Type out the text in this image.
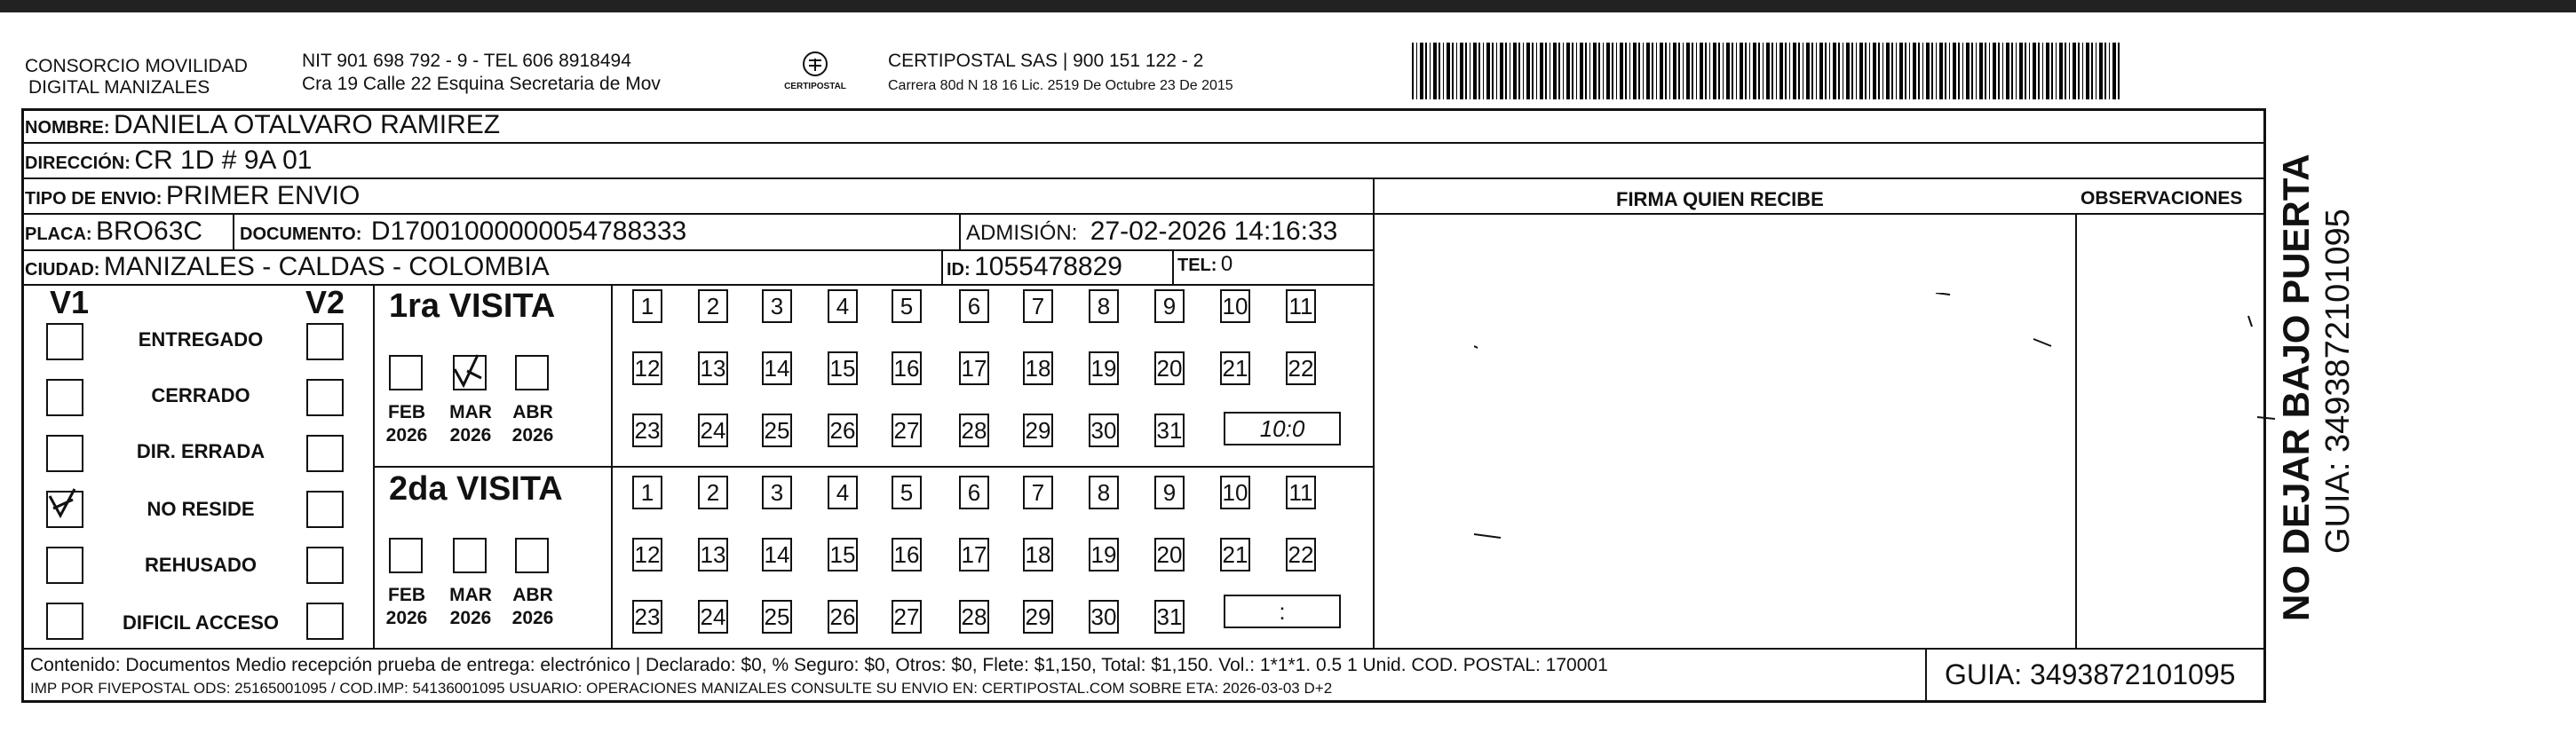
CONSORCIO MOVILIDAD
DIGITAL MANIZALES
NIT 901 698 792 - 9 - TEL 606 8918494
Cra 19 Calle 22 Esquina Secretaria de Mov	CERTIPOSTAL
CERTIPOSTAL SAS | 900 151 122 - 2
Carrera 80d N 18 16 Lic. 2519 De Octubre 23 De 2015
FIRMA QUIEN RECIBE	OBSERVACIONES
NOMBRE: DANIELA OTALVARO RAMIREZ
DIRECCIÓN: CR 1D # 9A 01
TIPO DE ENVIO: PRIMER ENVIO
PLACA: BRO63C DOCUMENTO: D17001000000054788333	ADMISIÓN: 27-02-2026 14:16:33
CIUDAD: MANIZALES - CALDAS - COLOMBIA	ID: 1055478829	TEL: 0
V1	V2
ENTREGADO
CERRADO
DIR. ERRADA
NO RESIDE
REHUSADO
DIFICIL ACCESO
1ra VISITA
2da VISITA
FEB
2026
MAR
2026
ABR
2026
FEB
2026
MAR
2026
ABR
2026
1	2	3	4	5	6	7	8	9	10 11
12 13 14 15 16 17 18 19 20 21 22
23 24 25 26 27 28 29 30 31
1	2	3	4	5	6	7	8	9	10 11
12 13 14 15 16 17 18 19 20 21 22
23 24 25 26 27 28 29 30 31
10:0
:
Contenido: Documentos Medio recepción prueba de entrega: electrónico | Declarado: $0, % Seguro: $0, Otros: $0, Flete: $1,150, Total: $1,150. Vol.: 1*1*1. 0.5 1 Unid. COD. POSTAL: 170001
IMP POR FIVEPOSTAL ODS: 25165001095 / COD.IMP: 54136001095 USUARIO: OPERACIONES MANIZALES CONSULTE SU ENVIO EN: CERTIPOSTAL.COM SOBRE ETA: 2026-03-03 D+2	GUIA: 3493872101095
NO DEJAR BAJO PUERTA GUIA: 3493872101095
